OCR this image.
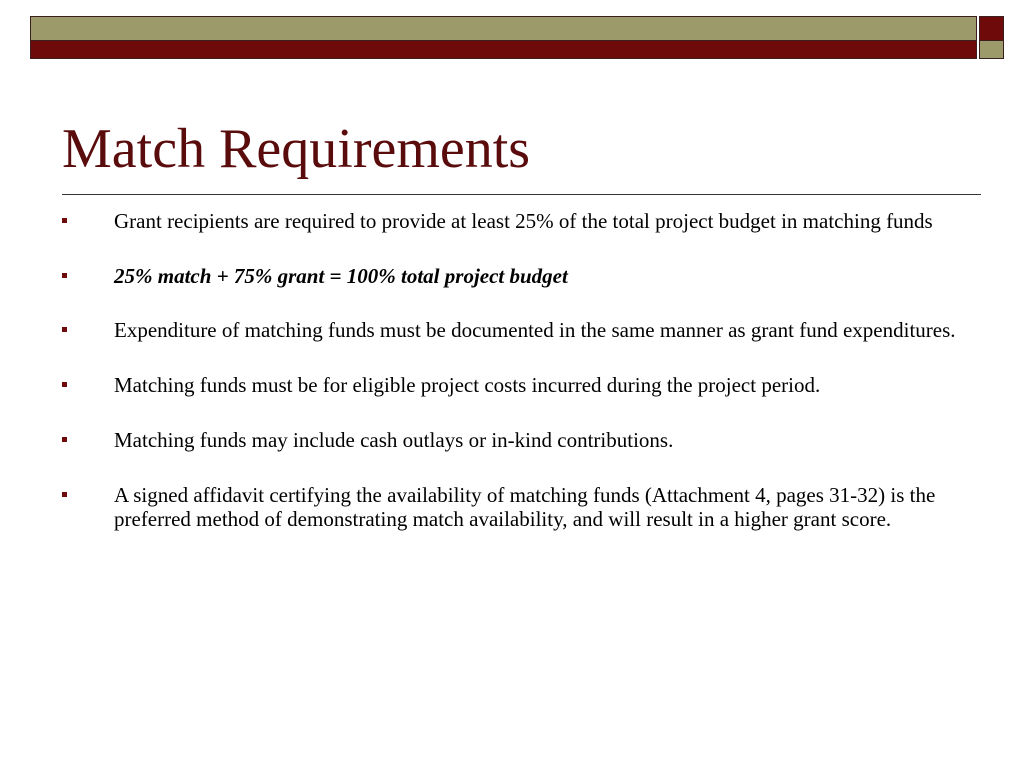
Match Requirements
Grant recipients are required to provide at least 25% of the total project budget in matching funds
25% match + 75% grant = 100% total project budget
Expenditure of matching funds must be documented in the same manner as grant fund expenditures.
Matching funds must be for eligible project costs incurred during the project period.
Matching funds may include cash outlays or in-kind contributions.
A signed affidavit certifying the availability of matching funds (Attachment 4, pages 31-32) is the preferred method of demonstrating match availability, and will result in a higher grant score.
